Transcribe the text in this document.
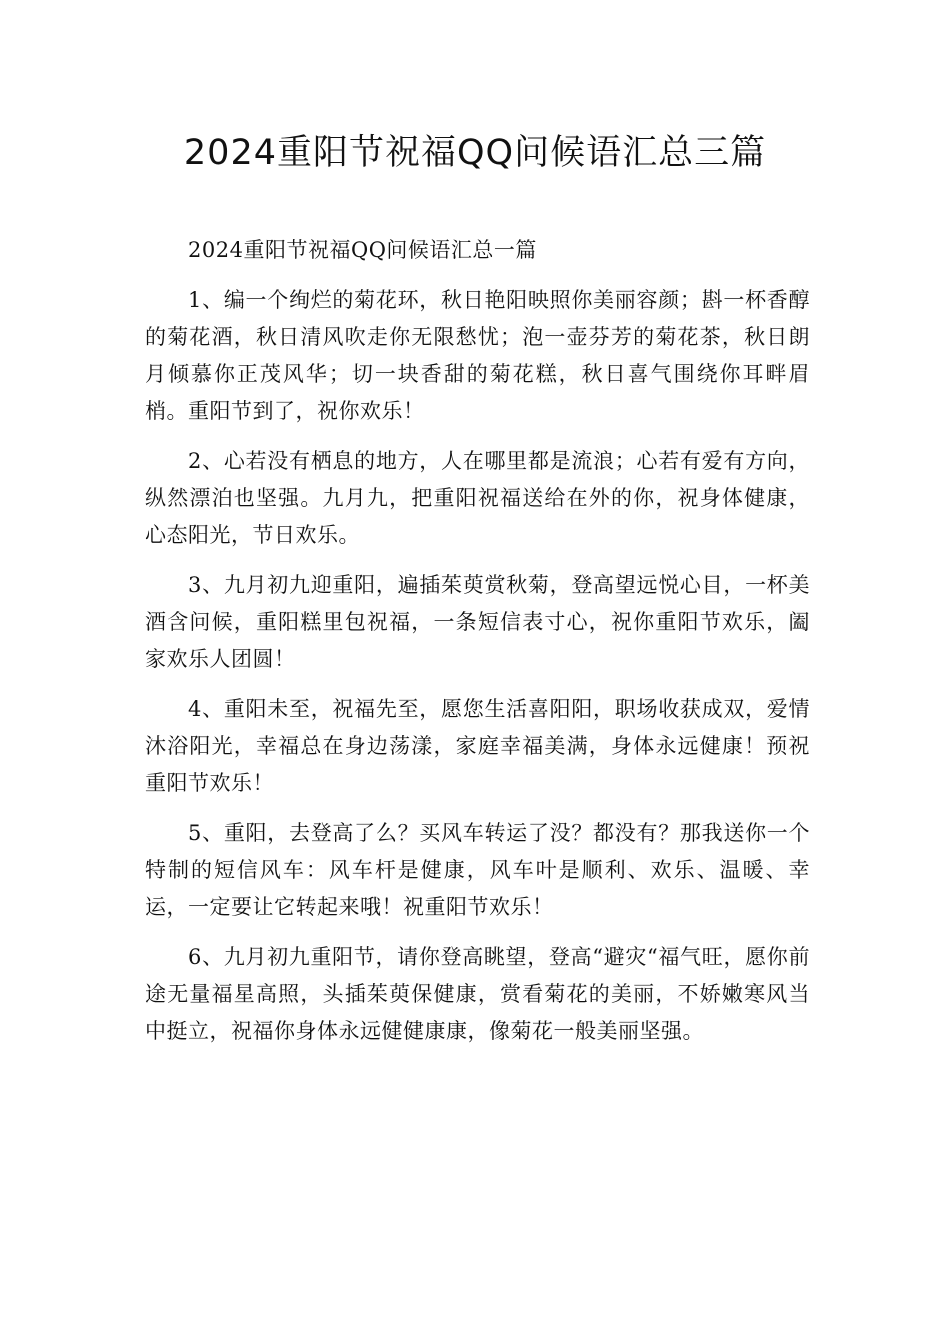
2024重阳节祝福QQ问候语汇总三篇

2024重阳节祝福QQ问候语汇总一篇

1、编一个绚烂的菊花环，秋日艳阳映照你美丽容颜；斟一杯香醇的菊花酒，秋日清风吹走你无限愁忧；泡一壶芬芳的菊花茶，秋日朗月倾慕你正茂风华；切一块香甜的菊花糕，秋日喜气围绕你耳畔眉梢。重阳节到了，祝你欢乐！

2、心若没有栖息的地方，人在哪里都是流浪；心若有爱有方向，纵然漂泊也坚强。九月九，把重阳祝福送给在外的你，祝身体健康，心态阳光，节日欢乐。

3、九月初九迎重阳，遍插茱萸赏秋菊，登高望远悦心目，一杯美酒含问候，重阳糕里包祝福，一条短信表寸心，祝你重阳节欢乐，阖家欢乐人团圆！

4、重阳未至，祝福先至，愿您生活喜阳阳，职场收获成双，爱情沐浴阳光，幸福总在身边荡漾，家庭幸福美满，身体永远健康！预祝重阳节欢乐！

5、重阳，去登高了么？买风车转运了没？都没有？那我送你一个特制的短信风车：风车杆是健康，风车叶是顺利、欢乐、温暖、幸运，一定要让它转起来哦！祝重阳节欢乐！

6、九月初九重阳节，请你登高眺望，登高“避灾“福气旺，愿你前途无量福星高照，头插茱萸保健康，赏看菊花的美丽，不娇嫩寒风当中挺立，祝福你身体永远健健康康，像菊花一般美丽坚强。
